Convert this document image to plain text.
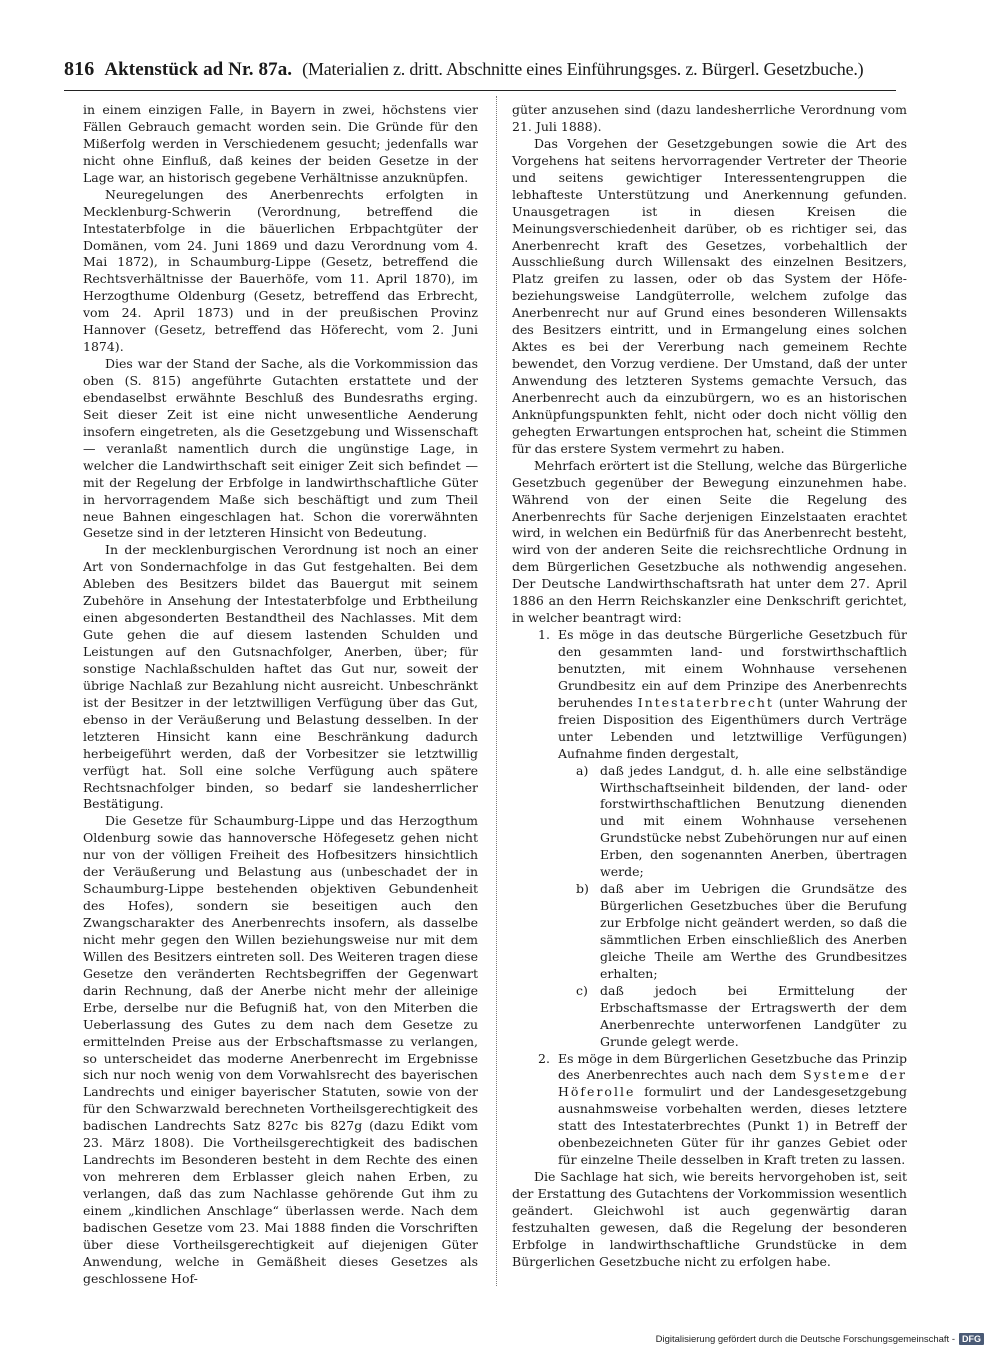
816 Aktenstück ad Nr. 87a. (Materialien z. dritt. Abschnitte eines Einführungsges. z. Bürgerl. Gesetzbuche.)

in einem einzigen Falle, in Bayern in zwei, höchstens vier Fällen Gebrauch gemacht worden sein. Die Gründe für den Mißerfolg werden in Verschiedenem gesucht; jedenfalls war nicht ohne Einfluß, daß keines der beiden Gesetze in der Lage war, an historisch gegebene Verhältnisse anzuknüpfen.

Neuregelungen des Anerbenrechts erfolgten in Mecklenburg-Schwerin (Verordnung, betreffend die Intestaterbfolge in die bäuerlichen Erbpachtgüter der Domänen, vom 24. Juni 1869 und dazu Verordnung vom 4. Mai 1872), in Schaumburg-Lippe (Gesetz, betreffend die Rechtsverhältnisse der Bauerhöfe, vom 11. April 1870), im Herzogthume Oldenburg (Gesetz, betreffend das Erbrecht, vom 24. April 1873) und in der preußischen Provinz Hannover (Gesetz, betreffend das Höferecht, vom 2. Juni 1874).

Dies war der Stand der Sache, als die Vorkommission das oben (S. 815) angeführte Gutachten erstattete und der ebendaselbst erwähnte Beschluß des Bundesraths erging. Seit dieser Zeit ist eine nicht unwesentliche Aenderung insofern eingetreten, als die Gesetzgebung und Wissenschaft — veranlaßt namentlich durch die ungünstige Lage, in welcher die Landwirthschaft seit einiger Zeit sich befindet — mit der Regelung der Erbfolge in landwirthschaftliche Güter in hervorragendem Maße sich beschäftigt und zum Theil neue Bahnen eingeschlagen hat. Schon die vorerwähnten Gesetze sind in der letzteren Hinsicht von Bedeutung.

In der mecklenburgischen Verordnung ist noch an einer Art von Sondernachfolge in das Gut festgehalten. Bei dem Ableben des Besitzers bildet das Bauergut mit seinem Zubehöre in Ansehung der Intestaterbfolge und Erbtheilung einen abgesonderten Bestandtheil des Nachlasses. Mit dem Gute gehen die auf diesem lastenden Schulden und Leistungen auf den Gutsnachfolger, Anerben, über; für sonstige Nachlaßschulden haftet das Gut nur, soweit der übrige Nachlaß zur Bezahlung nicht ausreicht. Unbeschränkt ist der Besitzer in der letztwilligen Verfügung über das Gut, ebenso in der Veräußerung und Belastung desselben. In der letzteren Hinsicht kann eine Beschränkung dadurch herbeigeführt werden, daß der Vorbesitzer sie letztwillig verfügt hat. Soll eine solche Verfügung auch spätere Rechtsnachfolger binden, so bedarf sie landesherrlicher Bestätigung.

Die Gesetze für Schaumburg-Lippe und das Herzogthum Oldenburg sowie das hannoversche Höfegesetz gehen nicht nur von der völligen Freiheit des Hofbesitzers hinsichtlich der Veräußerung und Belastung aus (unbeschadet der in Schaumburg-Lippe bestehenden objektiven Gebundenheit des Hofes), sondern sie beseitigen auch den Zwangscharakter des Anerbenrechts insofern, als dasselbe nicht mehr gegen den Willen beziehungsweise nur mit dem Willen des Besitzers eintreten soll. Des Weiteren tragen diese Gesetze den veränderten Rechtsbegriffen der Gegenwart darin Rechnung, daß der Anerbe nicht mehr der alleinige Erbe, derselbe nur die Befugniß hat, von den Miterben die Ueberlassung des Gutes zu dem nach dem Gesetze zu ermittelnden Preise aus der Erbschaftsmasse zu verlangen, so unterscheidet das moderne Anerbenrecht im Ergebnisse sich nur noch wenig von dem Vorwahlsrecht des bayerischen Landrechts und einiger bayerischer Statuten, sowie von der für den Schwarzwald berechneten Vortheilsgerechtigkeit des badischen Landrechts Satz 827c bis 827g (dazu Edikt vom 23. März 1808). Die Vortheilsgerechtigkeit des badischen Landrechts im Besonderen besteht in dem Rechte des einen von mehreren dem Erblasser gleich nahen Erben, zu verlangen, daß das zum Nachlasse gehörende Gut ihm zu einem „kindlichen Anschlage“ überlassen werde. Nach dem badischen Gesetze vom 23. Mai 1888 finden die Vorschriften über diese Vortheilsgerechtigkeit auf diejenigen Güter Anwendung, welche in Gemäßheit dieses Gesetzes als geschlossene Hof-

güter anzusehen sind (dazu landesherrliche Verordnung vom 21. Juli 1888).

Das Vorgehen der Gesetzgebungen sowie die Art des Vorgehens hat seitens hervorragender Vertreter der Theorie und seitens gewichtiger Interessentengruppen die lebhafteste Unterstützung und Anerkennung gefunden. Unausgetragen ist in diesen Kreisen die Meinungsverschiedenheit darüber, ob es richtiger sei, das Anerbenrecht kraft des Gesetzes, vorbehaltlich der Ausschließung durch Willensakt des einzelnen Besitzers, Platz greifen zu lassen, oder ob das System der Höfe- beziehungsweise Landgüterrolle, welchem zufolge das Anerbenrecht nur auf Grund eines besonderen Willensakts des Besitzers eintritt, und in Ermangelung eines solchen Aktes es bei der Vererbung nach gemeinem Rechte bewendet, den Vorzug verdiene. Der Umstand, daß der unter Anwendung des letzteren Systems gemachte Versuch, das Anerbenrecht auch da einzubürgern, wo es an historischen Anknüpfungspunkten fehlt, nicht oder doch nicht völlig den gehegten Erwartungen entsprochen hat, scheint die Stimmen für das erstere System vermehrt zu haben.

Mehrfach erörtert ist die Stellung, welche das Bürgerliche Gesetzbuch gegenüber der Bewegung einzunehmen habe. Während von der einen Seite die Regelung des Anerbenrechts für Sache derjenigen Einzelstaaten erachtet wird, in welchen ein Bedürfniß für das Anerbenrecht besteht, wird von der anderen Seite die reichsrechtliche Ordnung in dem Bürgerlichen Gesetzbuche als nothwendig angesehen. Der Deutsche Landwirthschaftsrath hat unter dem 27. April 1886 an den Herrn Reichskanzler eine Denkschrift gerichtet, in welcher beantragt wird:

1. Es möge in das deutsche Bürgerliche Gesetzbuch für den gesammten land- und forstwirthschaftlich benutzten, mit einem Wohnhause versehenen Grundbesitz ein auf dem Prinzipe des Anerbenrechts beruhendes Intestaterbrecht (unter Wahrung der freien Disposition des Eigenthümers durch Verträge unter Lebenden und letztwillige Verfügungen) Aufnahme finden dergestalt,
a) daß jedes Landgut, d. h. alle eine selbständige Wirthschaftseinheit bildenden, der land- oder forstwirthschaftlichen Benutzung dienenden und mit einem Wohnhause versehenen Grundstücke nebst Zubehörungen nur auf einen Erben, den sogenannten Anerben, übertragen werde;
b) daß aber im Uebrigen die Grundsätze des Bürgerlichen Gesetzbuches über die Berufung zur Erbfolge nicht geändert werden, so daß die sämmtlichen Erben einschließlich des Anerben gleiche Theile am Werthe des Grundbesitzes erhalten;
c) daß jedoch bei Ermittelung der Erbschaftsmasse der Ertragswerth der dem Anerbenrechte unterworfenen Landgüter zu Grunde gelegt werde.
2. Es möge in dem Bürgerlichen Gesetzbuche das Prinzip des Anerbenrechtes auch nach dem Systeme der Höferolle formulirt und der Landesgesetzgebung ausnahmsweise vorbehalten werden, dieses letztere statt des Intestaterbrechtes (Punkt 1) in Betreff der obenbezeichneten Güter für ihr ganzes Gebiet oder für einzelne Theile desselben in Kraft treten zu lassen.

Die Sachlage hat sich, wie bereits hervorgehoben ist, seit der Erstattung des Gutachtens der Vorkommission wesentlich geändert. Gleichwohl ist auch gegenwärtig daran festzuhalten gewesen, daß die Regelung der besonderen Erbfolge in landwirthschaftliche Grundstücke in dem Bürgerlichen Gesetzbuche nicht zu erfolgen habe.

Digitalisierung gefördert durch die Deutsche Forschungsgemeinschaft - DFG
